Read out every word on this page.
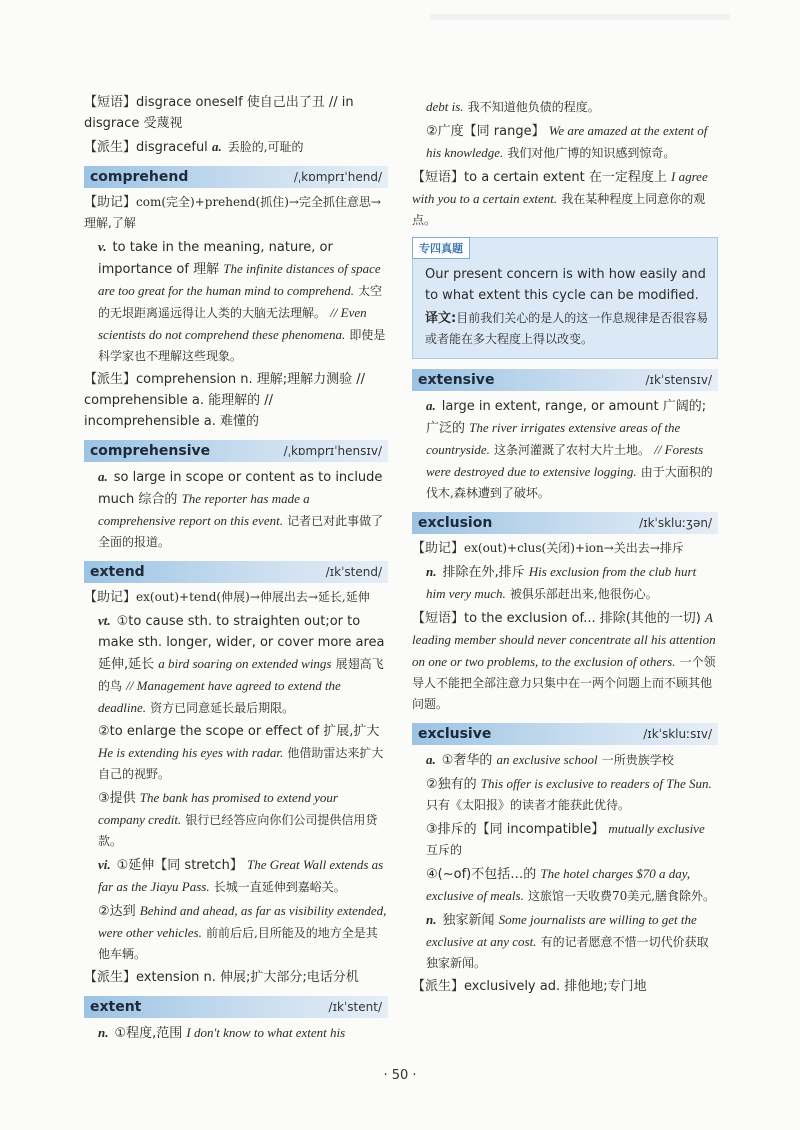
【短语】disgrace oneself 使自己出了丑 // in disgrace 受蔑视

【派生】disgraceful a. 丢脸的,可耻的

comprehend	/ˌkɒmprɪˈhend/

【助记】com(完全)+prehend(抓住)→完全抓住意思→理解,了解

v. to take in the meaning, nature, or importance of 理解 The infinite distances of space are too great for the human mind to comprehend. 太空的无垠距离遥远得让人类的大脑无法理解。 // Even scientists do not comprehend these phenomena. 即使是科学家也不理解这些现象。

【派生】comprehension n. 理解;理解力测验 // comprehensible a. 能理解的 // incomprehensible a. 难懂的

comprehensive	/ˌkɒmprɪˈhensɪv/

a. so large in scope or content as to include much 综合的 The reporter has made a comprehensive report on this event. 记者已对此事做了全面的报道。

extend	/ɪkˈstend/

【助记】ex(out)+tend(伸展)→伸展出去→延长,延伸

vt. ①to cause sth. to straighten out;or to make sth. longer, wider, or cover more area 延伸,延长 a bird soaring on extended wings 展翅高飞的鸟 // Management have agreed to extend the deadline. 资方已同意延长最后期限。

②to enlarge the scope or effect of 扩展,扩大 He is extending his eyes with radar. 他借助雷达来扩大自己的视野。

③提供 The bank has promised to extend your company credit. 银行已经答应向你们公司提供信用贷款。

vi. ①延伸【同 stretch】 The Great Wall extends as far as the Jiayu Pass. 长城一直延伸到嘉峪关。

②达到 Behind and ahead, as far as visibility extended, were other vehicles. 前前后后,目所能及的地方全是其他车辆。

【派生】extension n. 伸展;扩大部分;电话分机

extent	/ɪkˈstent/

n. ①程度,范围 I don't know to what extent his

debt is. 我不知道他负债的程度。

②广度【同 range】 We are amazed at the extent of his knowledge. 我们对他广博的知识感到惊奇。

【短语】to a certain extent 在一定程度上 I agree with you to a certain extent. 我在某种程度上同意你的观点。

专四真题

Our present concern is with how easily and to what extent this cycle can be modified.

译文:目前我们关心的是人的这一作息规律是否很容易或者能在多大程度上得以改变。

extensive	/ɪkˈstensɪv/

a. large in extent, range, or amount 广阔的;广泛的 The river irrigates extensive areas of the countryside. 这条河灌溉了农村大片土地。 // Forests were destroyed due to extensive logging. 由于大面积的伐木,森林遭到了破坏。

exclusion	/ɪkˈskluːʒən/

【助记】ex(out)+clus(关闭)+ion→关出去→排斥

n. 排除在外,排斥 His exclusion from the club hurt him very much. 被俱乐部赶出来,他很伤心。

【短语】to the exclusion of... 排除(其他的一切) A leading member should never concentrate all his attention on one or two problems, to the exclusion of others. 一个领导人不能把全部注意力只集中在一两个问题上而不顾其他问题。

exclusive	/ɪkˈskluːsɪv/

a. ①奢华的 an exclusive school 一所贵族学校

②独有的 This offer is exclusive to readers of The Sun. 只有《太阳报》的读者才能获此优待。

③排斥的【同 incompatible】 mutually exclusive 互斥的

④(~of)不包括…的 The hotel charges $70 a day, exclusive of meals. 这旅馆一天收费70美元,膳食除外。

n. 独家新闻 Some journalists are willing to get the exclusive at any cost. 有的记者愿意不惜一切代价获取独家新闻。

【派生】exclusively ad. 排他地;专门地

· 50 ·
